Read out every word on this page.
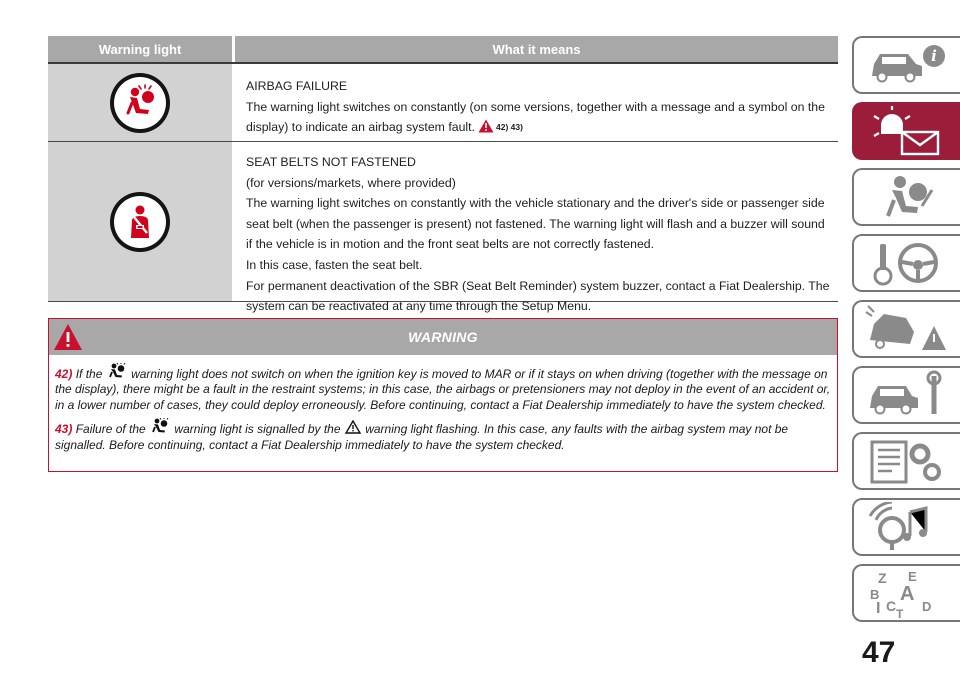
Warning light	What it means
AIRBAG FAILURE
The warning light switches on constantly (on some versions, together with a message and a symbol on the
display) to indicate an airbag system fault. 42) 43)
SEAT BELTS NOT FASTENED
(for versions/markets, where provided)
The warning light switches on constantly with the vehicle stationary and the driver's side or passenger side
seat belt (when the passenger is present) not fastened. The warning light will flash and a buzzer will sound
if the vehicle is in motion and the front seat belts are not correctly fastened.
In this case, fasten the seat belt.
For permanent deactivation of the SBR (Seat Belt Reminder) system buzzer, contact a Fiat Dealership. The
system can be reactivated at any time through the Setup Menu.
WARNING

42) If the warning light does not switch on when the ignition key is moved to MAR or if it stays on when driving (together with the message on the display), there might be a fault in the restraint systems; in this case, the airbags or pretensioners may not deploy in the event of an accident or, in a lower number of cases, they could deploy erroneously. Before continuing, contact a Fiat Dealership immediately to have the system checked.

43) Failure of the warning light is signalled by the warning light flashing. In this case, any faults with the airbag system may not be signalled. Before continuing, contact a Fiat Dealership immediately to have the system checked.

i
Z E
B A
I C D
T
47
